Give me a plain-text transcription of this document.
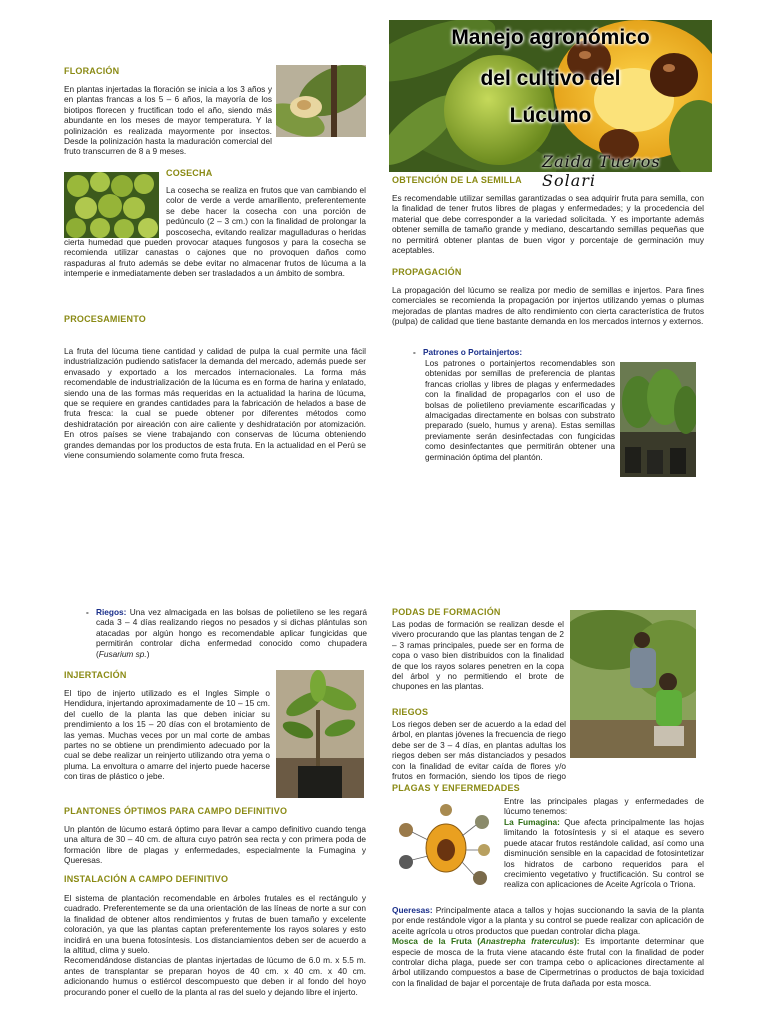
Manejo agronómico
del cultivo del
Lúcumo
Zaida Tueros Solari
FLORACIÓN

En plantas injertadas la floración se inicia a los 3 años y en plantas francas a los 5 – 6 años, la mayoría de los biotipos florecen y fructifican todo el año, siendo más abundante en los meses de mayor temperatura. Y la polinización es realizada mayormente por insectos. Desde la polinización hasta la maduración comercial del fruto transcurren de 8 a 9 meses.

COSECHA

La cosecha se realiza en frutos que van cambiando el color de verde a verde amarillento, preferentemente se debe hacer la cosecha con una porción de pedúnculo (2 – 3 cm.) con la finalidad de prolongar la poscosecha, evitando realizar magulladuras o heridas

cierta humedad que pueden provocar ataques fungosos y para la cosecha se recomienda utilizar canastas o cajones que no provoquen daños como raspaduras al fruto además se debe evitar no almacenar frutos de lúcuma a la intemperie e inmediatamente deben ser trasladados a un ámbito de sombra.

PROCESAMIENTO

La fruta del lúcuma tiene cantidad y calidad de pulpa la cual permite una fácil industrialización pudiendo satisfacer la demanda del mercado, además puede ser envasado y exportado a los mercados internacionales. La forma más recomendable de industrialización de la lúcuma es en forma de harina y enlatado, siendo una de las formas más requeridas en la actualidad la harina de lúcuma, que se requiere en grandes cantidades para la fabricación de helados a base de fruta fresca: la cual se puede obtener por diferentes métodos como deshidratación por aireación con aire caliente y deshidratación por atomización. En otros países se viene trabajando con conservas de lúcuma obteniendo grandes demandas por los productos de esta fruta. En la actualidad en el Perú se viene consumiendo solamente como fruta fresca.

OBTENCIÓN DE LA SEMILLA

Es recomendable utilizar semillas garantizadas o sea adquirir fruta para semilla, con la finalidad de tener frutos libres de plagas y enfermedades; y la procedencia del material que debe corresponder a la variedad solicitada. Y es importante además obtener semilla de tamaño grande y mediano, descartando semillas pequeñas que no permitirá obtener plantas de buen vigor y porcentaje de germinación muy aceptables.

PROPAGACIÓN

La propagación del lúcumo se realiza por medio de semillas e injertos. Para fines comerciales se recomienda la propagación por injertos utilizando yemas o plumas mejoradas de plantas madres de alto rendimiento con cierta característica de frutos (pulpa) de calidad que tiene bastante demanda en los mercados internos y externos.

- Patrones o Portainjertos:

Los patrones o portainjertos recomendables son obtenidas por semillas de preferencia de plantas francas criollas y libres de plagas y enfermedades con la finalidad de propagarlos con el uso de bolsas de polietileno previamente escarificadas y almacigadas directamente en bolsas con substrato preparado (suelo, humus y arena). Estas semillas previamente serán desinfectadas con fungicidas como desinfectantes que permitirán obtener una germinación óptima del plantón.

- Riegos: Una vez almacigada en las bolsas de polietileno se les regará cada 3 – 4 días realizando riegos no pesados y si dichas plántulas son atacadas por algún hongo es recomendable aplicar fungicidas que permitirán controlar dicha enfermedad conocido como chupadera (Fusarium sp.)
INJERTACIÓN

El tipo de injerto utilizado es el Ingles Simple o Hendidura, injertando aproximadamente de 10 – 15 cm. del cuello de la planta las que deben iniciar su prendimiento a los 15 – 20 días con el brotamiento de las yemas. Muchas veces por un mal corte de ambas partes no se obtiene un prendimiento adecuado por la cual se debe realizar un reinjerto utilizando otra yema o pluma. La envoltura o amarre del injerto puede hacerse con tiras de plástico o jebe.

PLANTONES ÓPTIMOS PARA CAMPO DEFINITIVO

Un plantón de lúcumo estará óptimo para llevar a campo definitivo cuando tenga una altura de 30 – 40 cm. de altura cuyo patrón sea recta y con primera poda de formación libre de plagas y enfermedades, especialmente la Fumagina y Queresas.

INSTALACIÓN A CAMPO DEFINITIVO

El sistema de plantación recomendable en árboles frutales es el rectángulo y cuadrado. Preferentemente se da una orientación de las líneas de norte a sur con la finalidad de obtener altos rendimientos y frutas de buen tamaño y excelente coloración, ya que las plantas captan preferentemente los rayos solares y esto incidirá en una buena fotosíntesis. Los distanciamientos deben ser de acuerdo a la altitud, clima y suelo.

Recomendándose distancias de plantas injertadas de lúcumo de 6.0 m. x 5.5 m. antes de transplantar se preparan hoyos de 40 cm. x 40 cm. x 40 cm. adicionando humus o estiércol descompuesto que deben ir al fondo del hoyo procurando poner el cuello de la planta al ras del suelo y dejando libre el injerto.

PODAS DE FORMACIÓN

Las podas de formación se realizan desde el vivero procurando que las plantas tengan de 2 – 3 ramas principales, puede ser en forma de copa o vaso bien distribuidos con la finalidad de que los rayos solares penetren en la copa del árbol y no permitiendo el brote de chupones en las plantas.

RIEGOS

Los riegos deben ser de acuerdo a la edad del árbol, en plantas jóvenes la frecuencia de riego debe ser de 3 – 4 días, en plantas adultas los riegos deben ser más distanciados y pesados

con la finalidad de evitar caída de flores y/o frutos en formación, siendo los tipos de riego

PLAGAS Y ENFERMEDADES

Entre las principales plagas y enfermedades de lúcumo tenemos:

La Fumagina: Que afecta principalmente las hojas limitando la fotosíntesis y si el ataque es severo puede atacar frutos restándole calidad, así como una disminución sensible en la capacidad de fotosintetizar los hidratos de carbono requeridos para el crecimiento vegetativo y fructificación. Su control se realiza con aplicaciones de Aceite Agrícola o Triona.

Queresas: Principalmente ataca a tallos y hojas succionando la savia de la planta por ende restándole vigor a la planta y su control se puede realizar con aplicación de aceite agrícola u otros productos que puedan controlar dicha plaga.

Mosca de la Fruta (Anastrepha fraterculus): Es importante determinar que especie de mosca de la fruta viene atacando éste frutal con la finalidad de poder controlar dicha plaga, puede ser con trampa cebo o aplicaciones directamente al árbol utilizando compuestos a base de Cipermetrinas o productos de baja toxicidad con la finalidad de bajar el porcentaje de fruta dañada por esta mosca.
